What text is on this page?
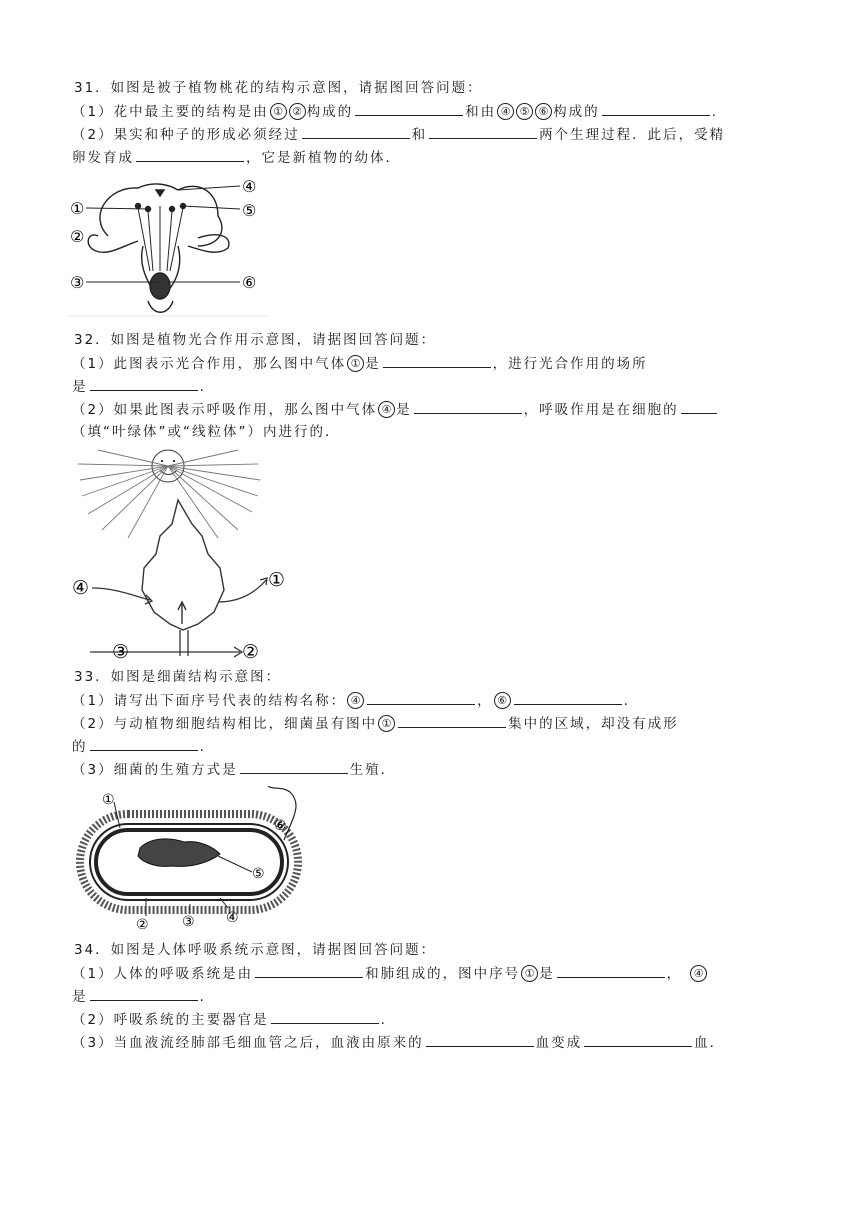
31．如图是被子植物桃花的结构示意图，请据图回答问题：
（1）花中最主要的结构是由 ① ② 构成的	和由 ④ ⑤ ⑥ 构成的	.
（2）果实和种子的形成必须经过	和	两个生理过程．此后，受精
卵发育成	，它是新植物的幼体．
①
②
③
④
⑤
⑥
32．如图是植物光合作用示意图，请据图回答问题：
（1）此图表示光合作用，那么图中气体 ① 是	，进行光合作用的场所
是	.
（2）如果此图表示呼吸作用，那么图中气体 ④ 是	，呼吸作用是在细胞的
（填“叶绿体”或“线粒体”）内进行的．
④	①
③	②
33．如图是细菌结构示意图：
（1）请写出下面序号代表的结构名称： ④	， ⑥	.
（2）与动植物细胞结构相比，细菌虽有图中 ①	集中的区域，却没有成形
的	.
（3）细菌的生殖方式是	生殖．
①
② ③ ④
⑤
⑥
34．如图是人体呼吸系统示意图，请据图回答问题：
（1）人体的呼吸系统是由	和肺组成的，图中序号 ① 是	， ④
是	.
（2）呼吸系统的主要器官是	.
（3）当血液流经肺部毛细血管之后，血液由原来的	血变成	血．
